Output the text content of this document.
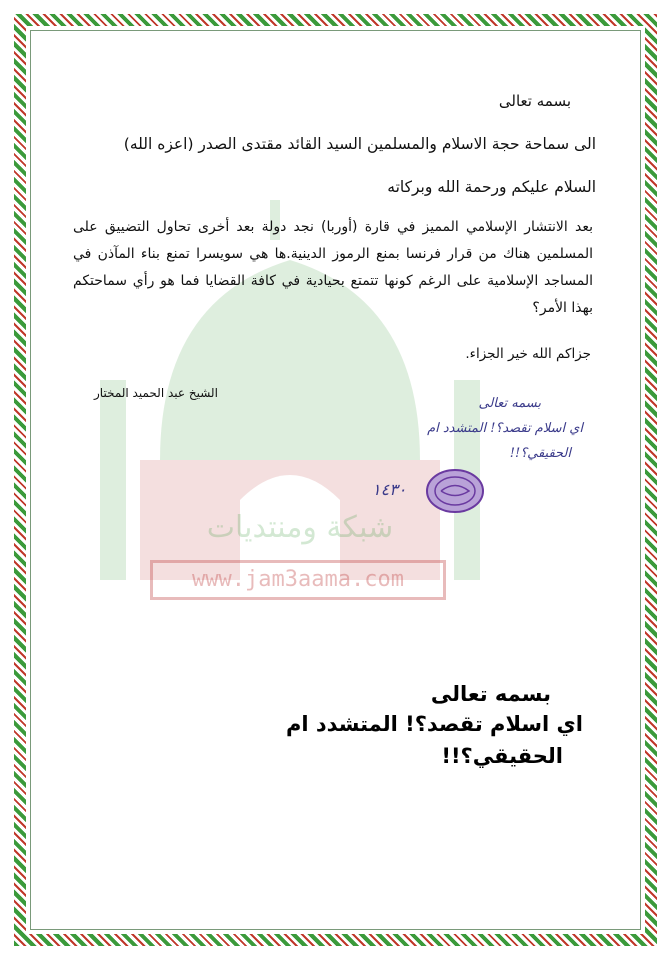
شبكة ومنتديات
www.jam3aama.com
بسمه تعالى
الى سماحة حجة الاسلام والمسلمين السيد القائد مقتدى الصدر (اعزه الله)
السلام عليكم ورحمة الله وبركاته
بعد الانتشار الإسلامي المميز في قارة (أوربا) نجد دولة بعد أخرى تحاول التضييق على المسلمين هناك من قرار فرنسا بمنع الرموز الدينية.ها هي سويسرا تمنع بناء المآذن في المساجد الإسلامية على الرغم كونها تتمتع بحيادية في كافة القضايا فما هو رأي سماحتكم بهذا الأمر؟
جزاكم الله خير الجزاء.
الشيخ عبد الحميد المختار
بسمه تعالى
اي اسلام تقصد؟! المتشدد ام
الحقيقي؟!!
١٤٣٠
بسمه تعالى
اي اسلام تقصد؟! المتشدد ام
الحقيقي؟!!
